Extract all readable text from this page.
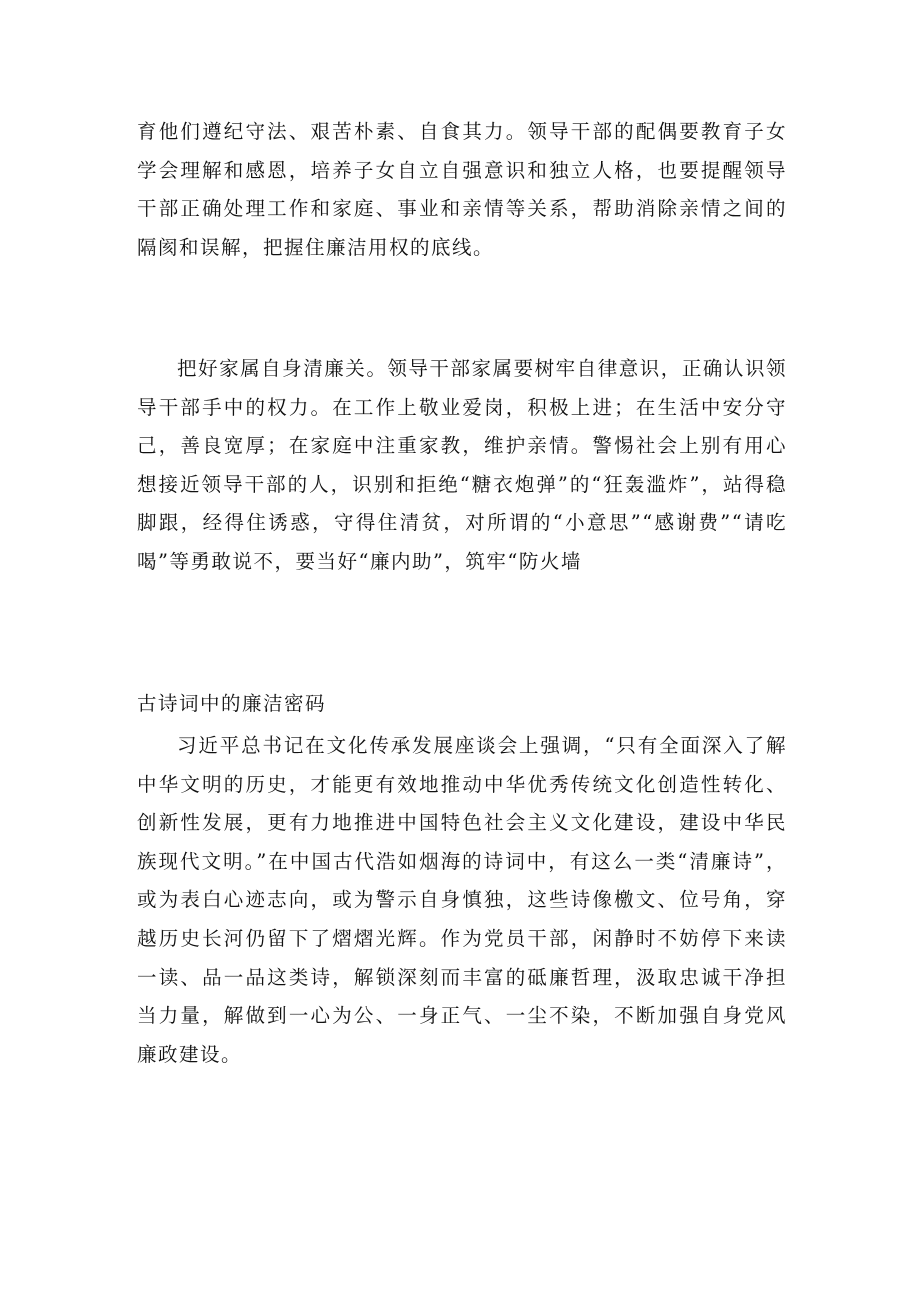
育他们遵纪守法、艰苦朴素、自食其力。领导干部的配偶要教育子女学会理解和感恩，培养子女自立自强意识和独立人格，也要提醒领导干部正确处理工作和家庭、事业和亲情等关系，帮助消除亲情之间的隔阂和误解，把握住廉洁用权的底线。

把好家属自身清廉关。领导干部家属要树牢自律意识，正确认识领导干部手中的权力。在工作上敬业爱岗，积极上进；在生活中安分守己，善良宽厚；在家庭中注重家教，维护亲情。警惕社会上别有用心想接近领导干部的人，识别和拒绝“糖衣炮弹”的“狂轰滥炸”，站得稳脚跟，经得住诱惑，守得住清贫，对所谓的“小意思”“感谢费”“请吃喝”等勇敢说不，要当好“廉内助”，筑牢“防火墙

古诗词中的廉洁密码

习近平总书记在文化传承发展座谈会上强调，“只有全面深入了解中华文明的历史，才能更有效地推动中华优秀传统文化创造性转化、创新性发展，更有力地推进中国特色社会主义文化建设，建设中华民族现代文明。”在中国古代浩如烟海的诗词中，有这么一类“清廉诗”，或为表白心迹志向，或为警示自身慎独，这些诗像檄文、位号角，穿越历史长河仍留下了熠熠光辉。作为党员干部，闲静时不妨停下来读一读、品一品这类诗，解锁深刻而丰富的砥廉哲理，汲取忠诚干净担当力量，解做到一心为公、一身正气、一尘不染，不断加强自身党风廉政建设。
